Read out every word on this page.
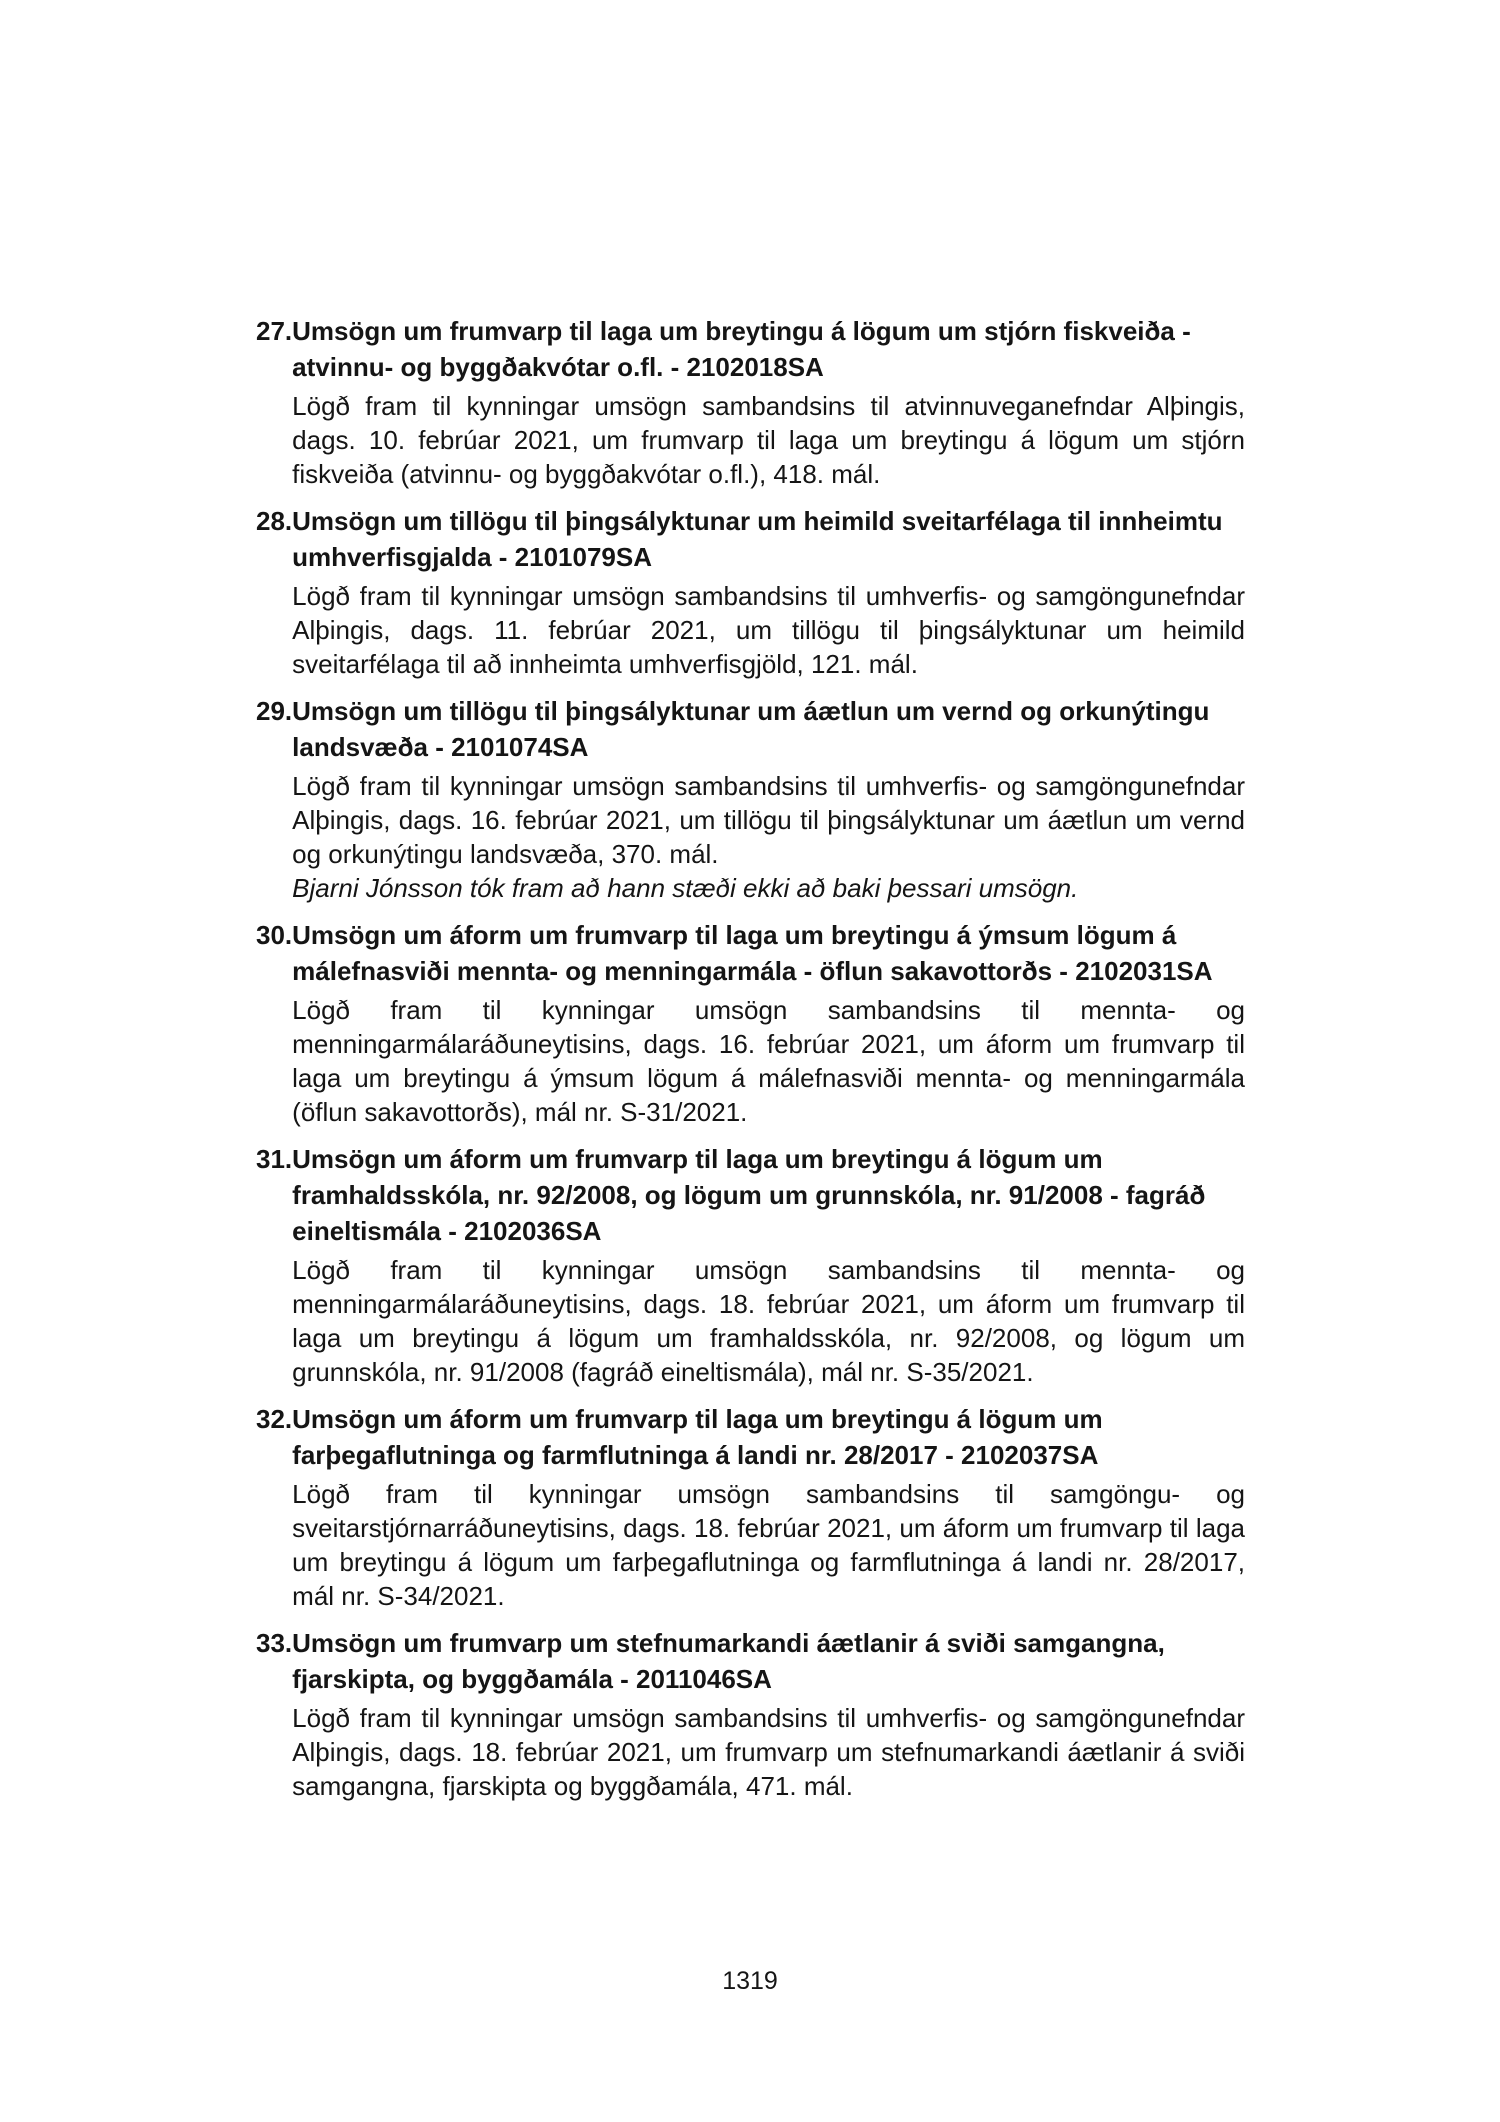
27. Umsögn um frumvarp til laga um breytingu á lögum um stjórn fiskveiða - atvinnu- og byggðakvótar o.fl. - 2102018SA

Lögð fram til kynningar umsögn sambandsins til atvinnuveganefndar Alþingis, dags. 10. febrúar 2021, um frumvarp til laga um breytingu á lögum um stjórn fiskveiða (atvinnu- og byggðakvótar o.fl.), 418. mál.

28. Umsögn um tillögu til þingsályktunar um heimild sveitarfélaga til innheimtu umhverfisgjalda - 2101079SA

Lögð fram til kynningar umsögn sambandsins til umhverfis- og samgöngunefndar Alþingis, dags. 11. febrúar 2021, um tillögu til þingsályktunar um heimild sveitarfélaga til að innheimta umhverfisgjöld, 121. mál.

29. Umsögn um tillögu til þingsályktunar um áætlun um vernd og orkunýtingu landsvæða - 2101074SA

Lögð fram til kynningar umsögn sambandsins til umhverfis- og samgöngunefndar Alþingis, dags. 16. febrúar 2021, um tillögu til þingsályktunar um áætlun um vernd og orkunýtingu landsvæða, 370. mál.

Bjarni Jónsson tók fram að hann stæði ekki að baki þessari umsögn.

30. Umsögn um áform um frumvarp til laga um breytingu á ýmsum lögum á málefnasviði mennta- og menningarmála - öflun sakavottorðs - 2102031SA

Lögð fram til kynningar umsögn sambandsins til mennta- og menningarmálaráðuneytisins, dags. 16. febrúar 2021, um áform um frumvarp til laga um breytingu á ýmsum lögum á málefnasviði mennta- og menningarmála (öflun sakavottorðs), mál nr. S-31/2021.

31. Umsögn um áform um frumvarp til laga um breytingu á lögum um framhaldsskóla, nr. 92/2008, og lögum um grunnskóla, nr. 91/2008 - fagráð eineltismála - 2102036SA

Lögð fram til kynningar umsögn sambandsins til mennta- og menningarmálaráðuneytisins, dags. 18. febrúar 2021, um áform um frumvarp til laga um breytingu á lögum um framhaldsskóla, nr. 92/2008, og lögum um grunnskóla, nr. 91/2008 (fagráð eineltismála), mál nr. S-35/2021.

32. Umsögn um áform um frumvarp til laga um breytingu á lögum um farþegaflutninga og farmflutninga á landi nr. 28/2017 - 2102037SA

Lögð fram til kynningar umsögn sambandsins til samgöngu- og sveitarstjórnarráðuneytisins, dags. 18. febrúar 2021, um áform um frumvarp til laga um breytingu á lögum um farþegaflutninga og farmflutninga á landi nr. 28/2017, mál nr. S-34/2021.

33. Umsögn um frumvarp um stefnumarkandi áætlanir á sviði samgangna, fjarskipta, og byggðamála - 2011046SA

Lögð fram til kynningar umsögn sambandsins til umhverfis- og samgöngunefndar Alþingis, dags. 18. febrúar 2021, um frumvarp um stefnumarkandi áætlanir á sviði samgangna, fjarskipta og byggðamála, 471. mál.

1319
